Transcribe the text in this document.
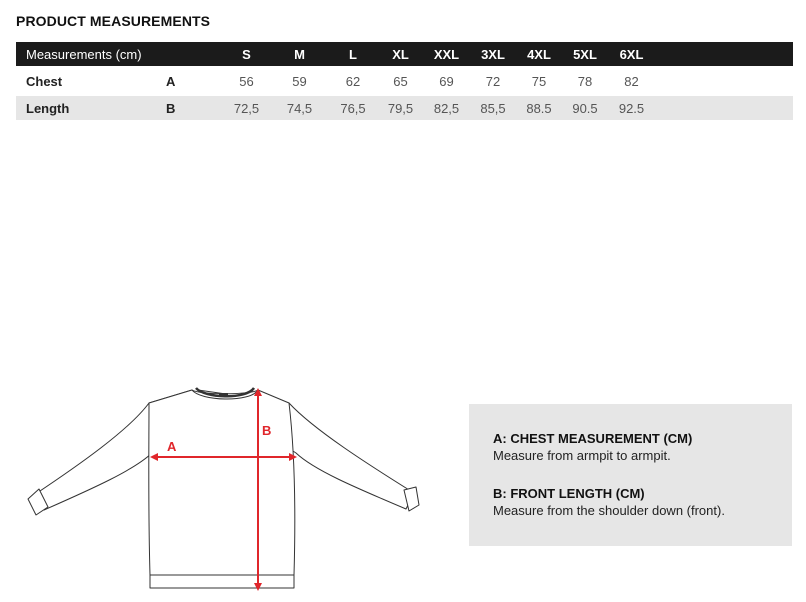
PRODUCT MEASUREMENTS
Measurements (cm)		S	M	L	XL	XXL	3XL	4XL	5XL	6XL	
Chest	A	56	59	62	65	69	72	75	78	82	
Length	B	72,5	74,5	76,5	79,5	82,5	85,5	88.5	90.5	92.5	
A
B
A: CHEST MEASUREMENT (CM)
Measure from armpit to armpit.
B: FRONT LENGTH (CM)
Measure from the shoulder down (front).
